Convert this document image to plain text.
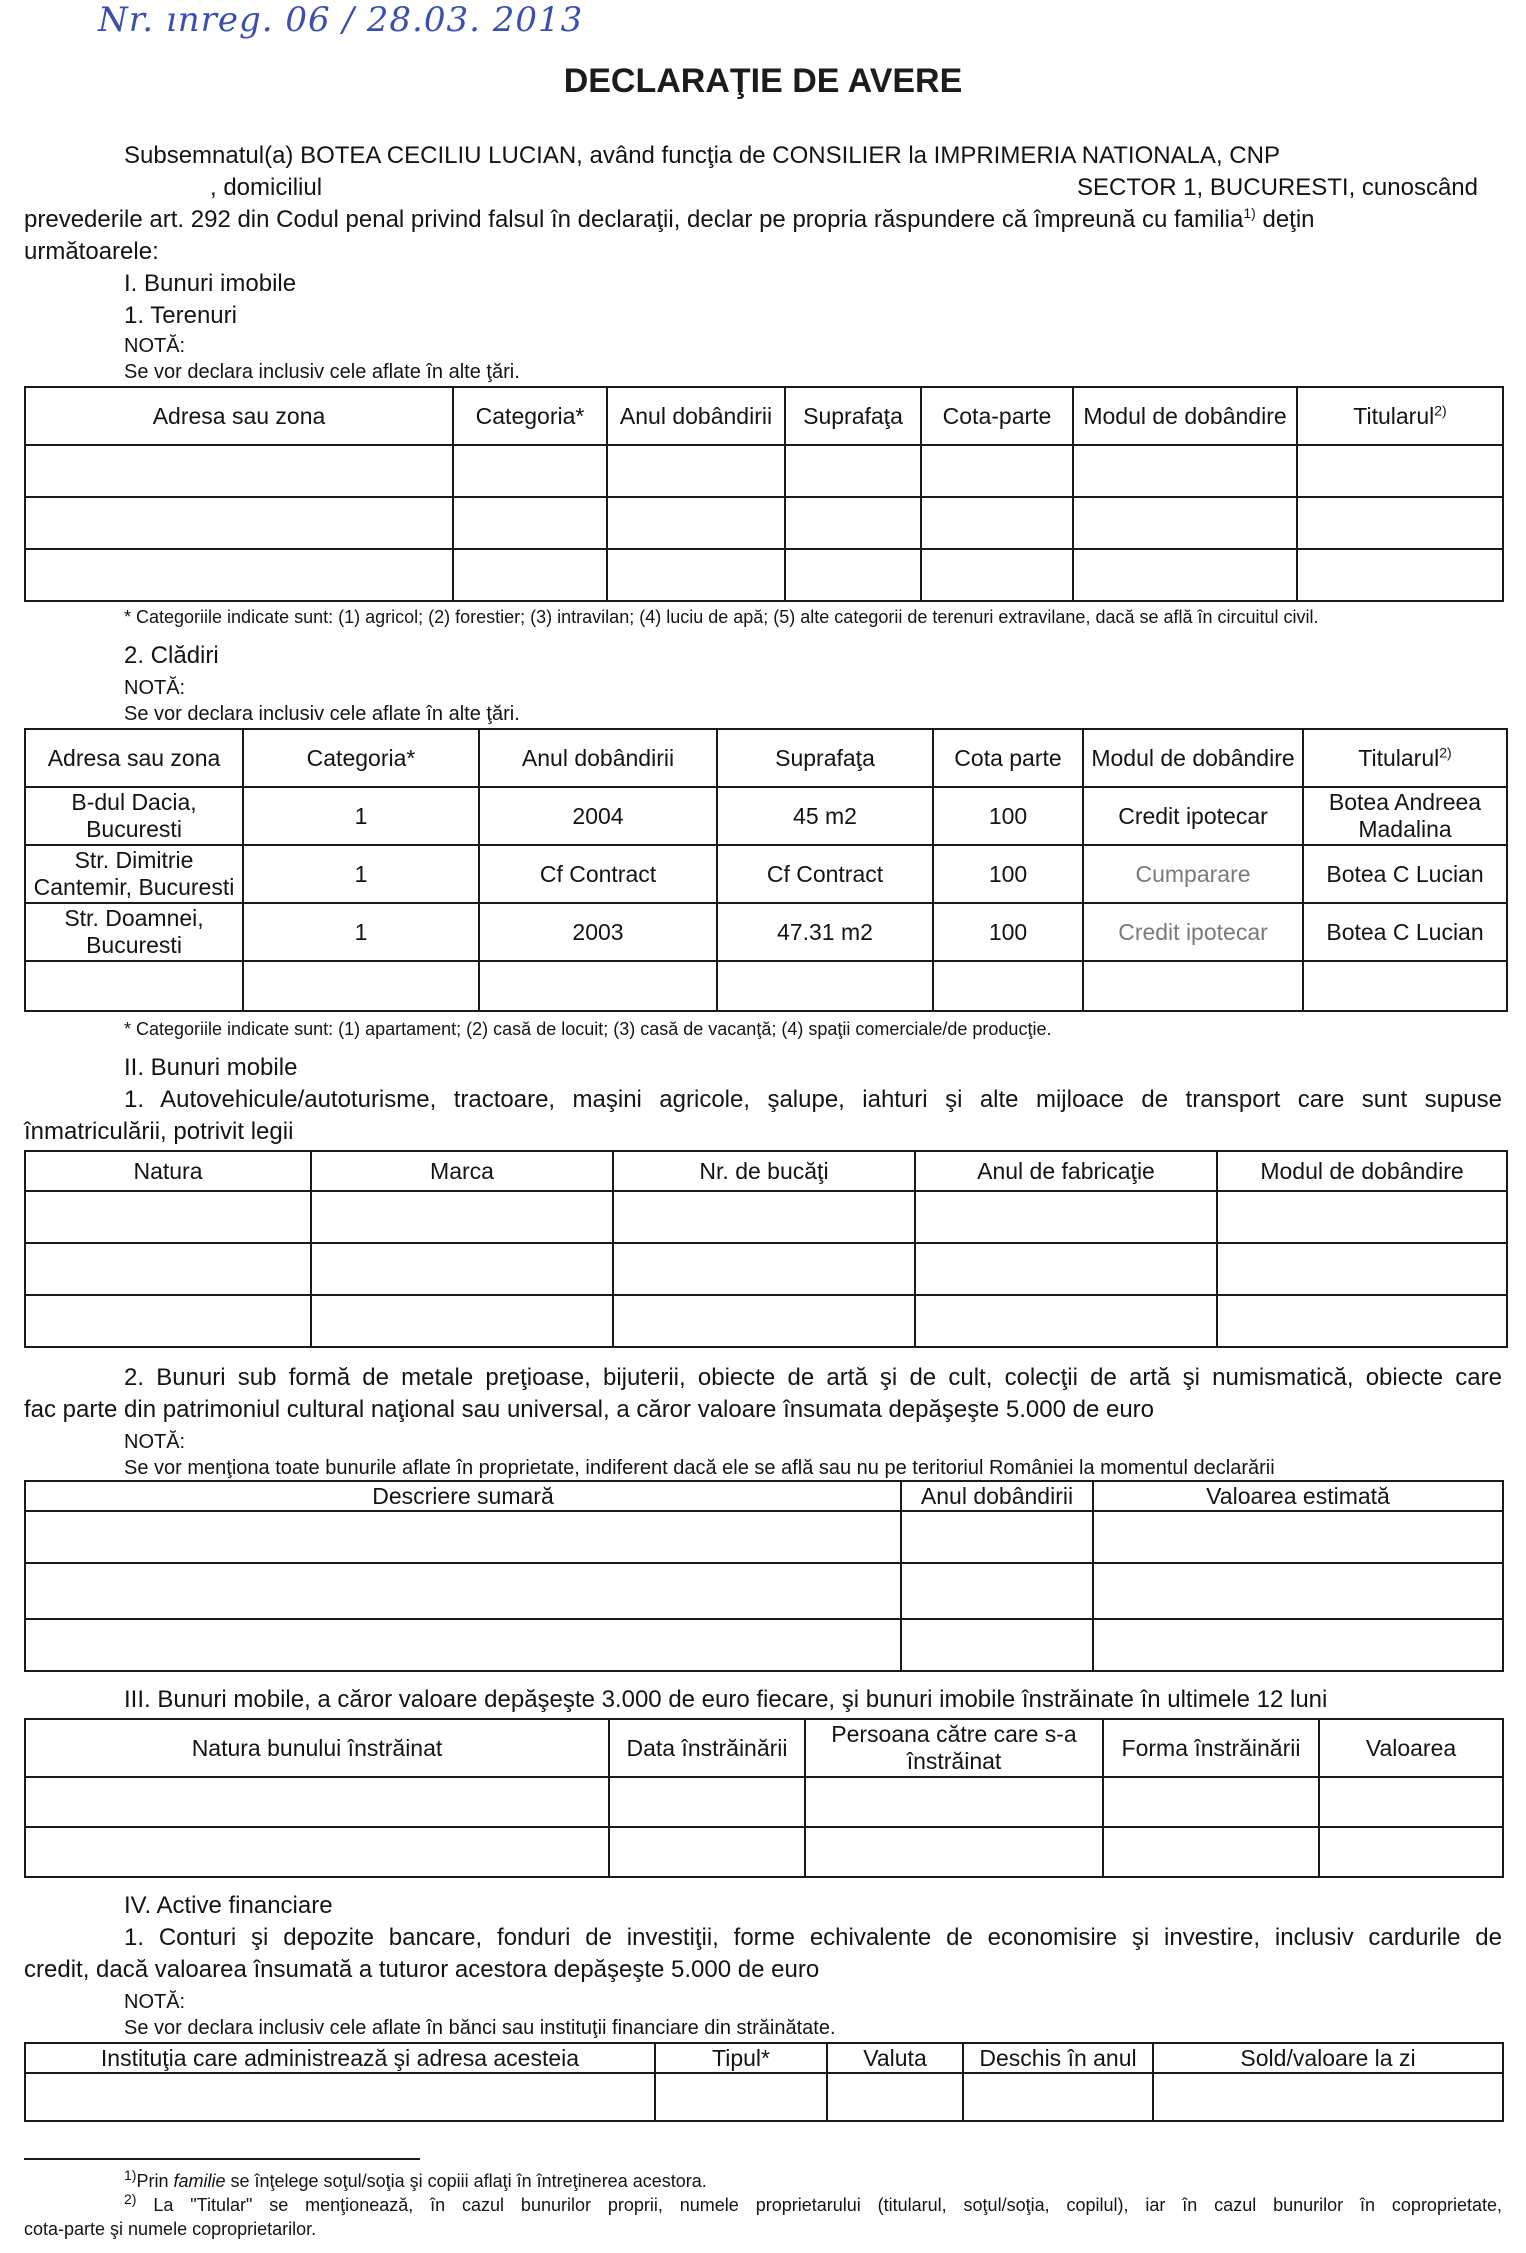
Nr. ınreg. 06 / 28.03. 2013
DECLARAŢIE DE AVERE
Subsemnatul(a) BOTEA CECILIU LUCIAN, având funcţia de CONSILIER la IMPRIMERIA NATIONALA, CNP
, domiciliul	SECTOR 1, BUCURESTI, cunoscând
prevederile art. 292 din Codul penal privind falsul în declaraţii, declar pe propria răspundere că împreună cu familia$^{1)}$ deţin
următoarele:
I. Bunuri imobile
1. Terenuri
NOTĂ:
Se vor declara inclusiv cele aflate în alte ţări.
Adresa sau zona	Categoria*	Anul dobândirii	Suprafaţa	Cota-parte	Modul de dobândire	Titularul$^{2)}$

* Categoriile indicate sunt: (1) agricol; (2) forestier; (3) intravilan; (4) luciu de apă; (5) alte categorii de terenuri extravilane, dacă se află în circuitul civil.
2. Clădiri
NOTĂ:
Se vor declara inclusiv cele aflate în alte ţări.
Adresa sau zona	Categoria*	Anul dobândirii	Suprafaţa	Cota parte	Modul de dobândire	Titularul$^{2)}$
B-dul Dacia, Bucuresti	1	2004	45 m2	100	Credit ipotecar	Botea Andreea Madalina
Str. Dimitrie Cantemir, Bucuresti	1	Cf Contract	Cf Contract	100	Cumparare	Botea C Lucian
Str. Doamnei, Bucuresti	1	2003	47.31 m2	100	Credit ipotecar	Botea C Lucian

* Categoriile indicate sunt: (1) apartament; (2) casă de locuit; (3) casă de vacanţă; (4) spaţii comerciale/de producţie.
II. Bunuri mobile
1. Autovehicule/autoturisme, tractoare, maşini agricole, şalupe, iahturi şi alte mijloace de transport care sunt supuse
înmatriculării, potrivit legii
Natura	Marca	Nr. de bucăţi	Anul de fabricaţie	Modul de dobândire

2. Bunuri sub formă de metale preţioase, bijuterii, obiecte de artă şi de cult, colecţii de artă şi numismatică, obiecte care
fac parte din patrimoniul cultural naţional sau universal, a căror valoare însumata depăşeşte 5.000 de euro
NOTĂ:
Se vor menţiona toate bunurile aflate în proprietate, indiferent dacă ele se află sau nu pe teritoriul României la momentul declarării
Descriere sumară	Anul dobândirii	Valoarea estimată

III. Bunuri mobile, a căror valoare depăşeşte 3.000 de euro fiecare, şi bunuri imobile înstrăinate în ultimele 12 luni
Natura bunului înstrăinat	Data înstrăinării	Persoana către care s-a înstrăinat	Forma înstrăinării	Valoarea

IV. Active financiare
1. Conturi şi depozite bancare, fonduri de investiţii, forme echivalente de economisire şi investire, inclusiv cardurile de
credit, dacă valoarea însumată a tuturor acestora depăşeşte 5.000 de euro
NOTĂ:
Se vor declara inclusiv cele aflate în bănci sau instituţii financiare din străinătate.
Instituţia care administrează şi adresa acesteia	Tipul*	Valuta	Deschis în anul	Sold/valoare la zi

$^{1)}$Prin familie se înţelege soţul/soţia şi copiii aflaţi în întreţinerea acestora.
$^{2)}$ La "Titular" se menţionează, în cazul bunurilor proprii, numele proprietarului (titularul, soţul/soţia, copilul), iar în cazul bunurilor în coproprietate,
cota-parte şi numele coproprietarilor.
